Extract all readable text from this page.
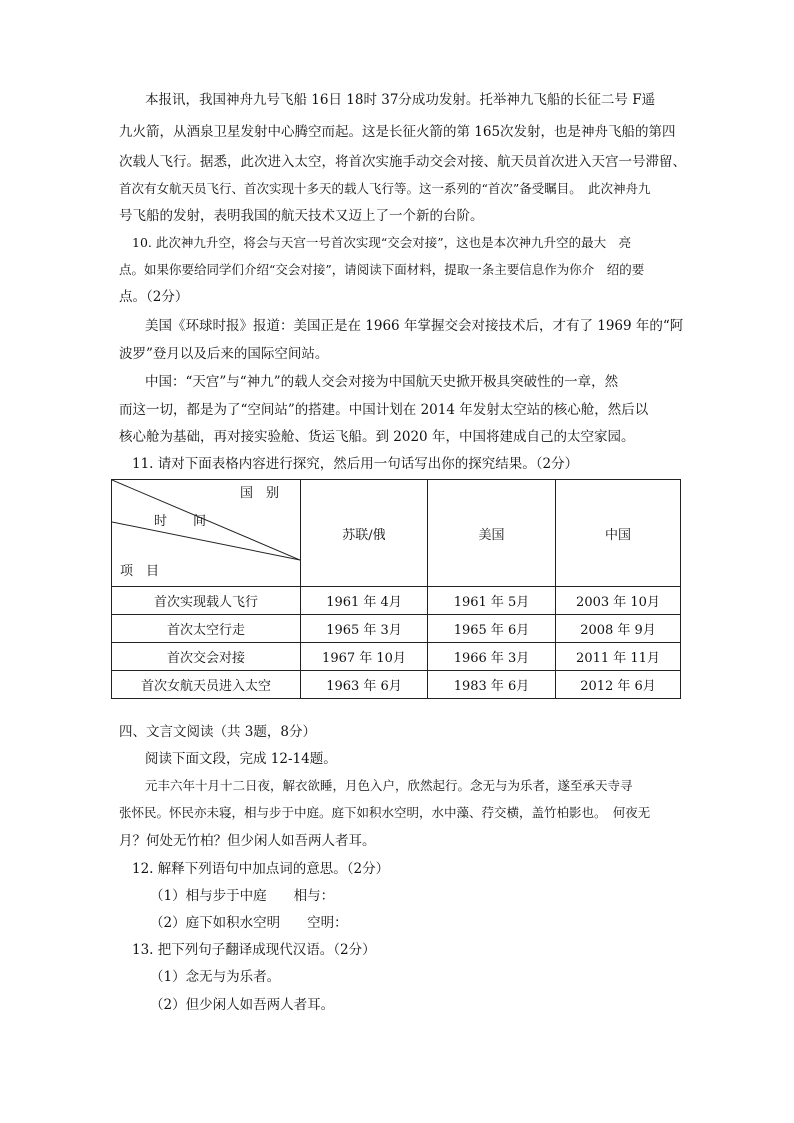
本报讯，我国神舟九号飞船 16日 18时 37分成功发射。托举神九飞船的长征二号 F遥
九火箭，从酒泉卫星发射中心腾空而起。这是长征火箭的第 165次发射，也是神舟飞船的第四
次载人飞行。据悉，此次进入太空，将首次实施手动交会对接、航天员首次进入天宫一号滞留、
首次有女航天员飞行、首次实现十多天的载人飞行等。这一系列的“首次”备受瞩目。　此次神舟九
号飞船的发射，表明我国的航天技术又迈上了一个新的台阶。
10. 此次神九升空，将会与天宫一号首次实现“交会对接”，这也是本次神九升空的最大　亮
点。如果你要给同学们介绍“交会对接”，请阅读下面材料，提取一条主要信息作为你介　绍的要
点。（2分）
美国《环球时报》报道：美国正是在 1966 年掌握交会对接技术后，才有了 1969 年的“阿
波罗”登月以及后来的国际空间站。
中国：“天宫”与“神九”的载人交会对接为中国航天史掀开极具突破性的一章，然
而这一切，都是为了“空间站”的搭建。中国计划在 2014 年发射太空站的核心舱，然后以
核心舱为基础，再对接实验舱、货运飞船。到 2020 年，中国将建成自己的太空家园。
11. 请对下面表格内容进行探究，然后用一句话写出你的探究结果。（2分）
国　别
时　　间
项　目	苏联/俄	美国	中国
首次实现载人飞行	1961 年 4月	1961 年 5月	2003 年 10月
首次太空行走	1965 年 3月	1965 年 6月	2008 年 9月
首次交会对接	1967 年 10月	1966 年 3月	2011 年 11月
首次女航天员进入太空	1963 年 6月	1983 年 6月	2012 年 6月
四、文言文阅读（共 3题，8分）
阅读下面文段，完成 12-14题。
元丰六年十月十二日夜，解衣欲睡，月色入户，欣然起行。念无与为乐者，遂至承天寺寻
张怀民。怀民亦未寝，相与步于中庭。庭下如积水空明，水中藻、荇交横，盖竹柏影也。　何夜无
月？何处无竹柏？但少闲人如吾两人者耳。
12. 解释下列语句中加点词的意思。（2分）
（1）相与步于中庭　　相与：
（2）庭下如积水空明　　空明：
13. 把下列句子翻译成现代汉语。（2分）
（1）念无与为乐者。
（2）但少闲人如吾两人者耳。
